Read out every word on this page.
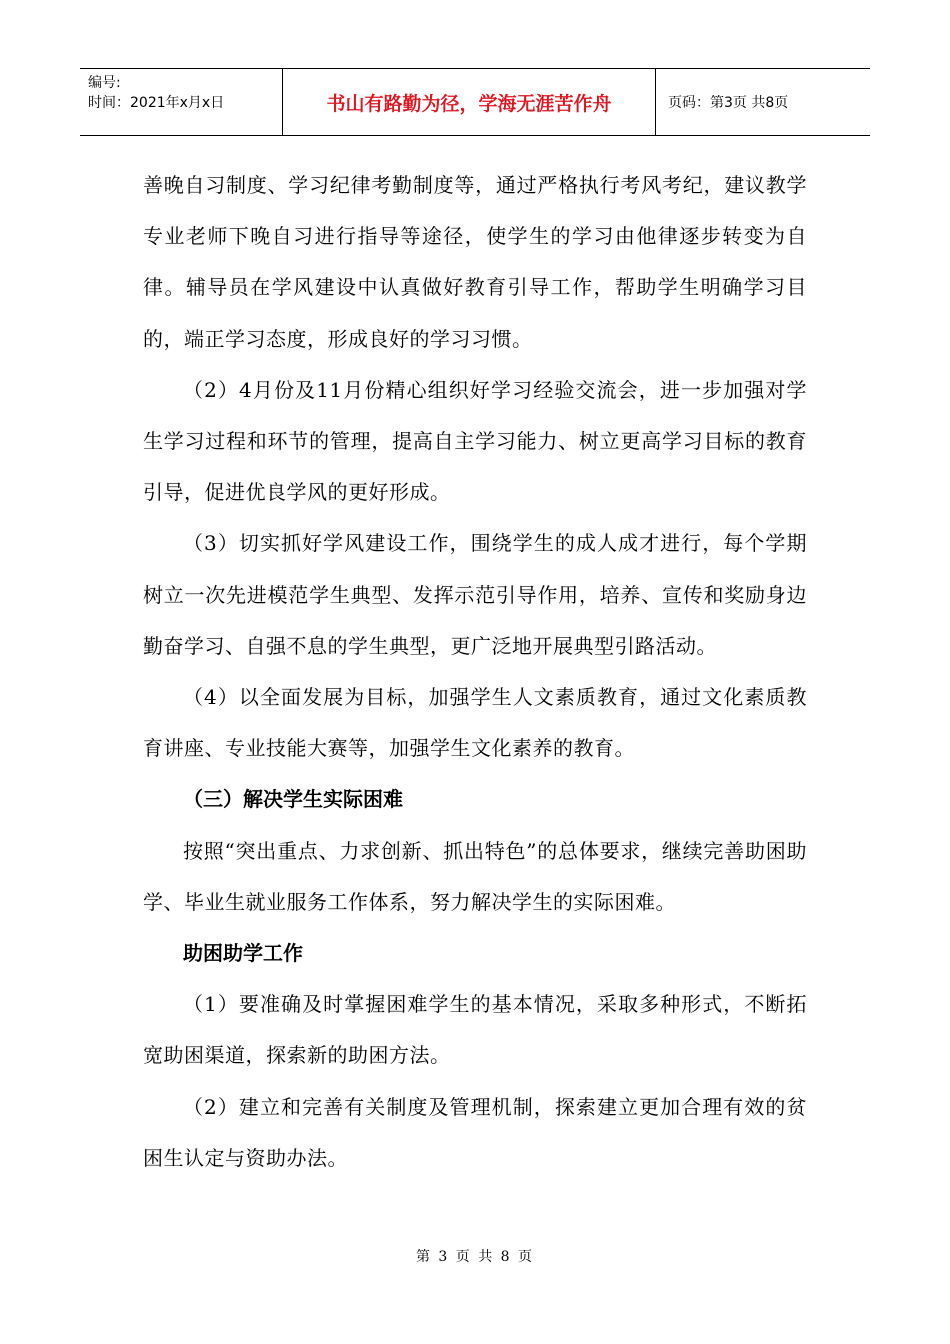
编号:
时间：2021年x月x日	书山有路勤为径，学海无涯苦作舟	页码：第3页 共8页

善晚自习制度、学习纪律考勤制度等，通过严格执行考风考纪，建议教学专业老师下晚自习进行指导等途径，使学生的学习由他律逐步转变为自律。辅导员在学风建设中认真做好教育引导工作，帮助学生明确学习目的，端正学习态度，形成良好的学习习惯。

（2）4月份及11月份精心组织好学习经验交流会，进一步加强对学生学习过程和环节的管理，提高自主学习能力、树立更高学习目标的教育引导，促进优良学风的更好形成。

（3）切实抓好学风建设工作，围绕学生的成人成才进行，每个学期树立一次先进模范学生典型、发挥示范引导作用，培养、宣传和奖励身边勤奋学习、自强不息的学生典型，更广泛地开展典型引路活动。

（4）以全面发展为目标，加强学生人文素质教育，通过文化素质教育讲座、专业技能大赛等，加强学生文化素养的教育。

（三）解决学生实际困难

按照“突出重点、力求创新、抓出特色”的总体要求，继续完善助困助学、毕业生就业服务工作体系，努力解决学生的实际困难。

助困助学工作

（1）要准确及时掌握困难学生的基本情况，采取多种形式，不断拓宽助困渠道，探索新的助困方法。

（2）建立和完善有关制度及管理机制，探索建立更加合理有效的贫困生认定与资助办法。

第 3 页 共 8 页
